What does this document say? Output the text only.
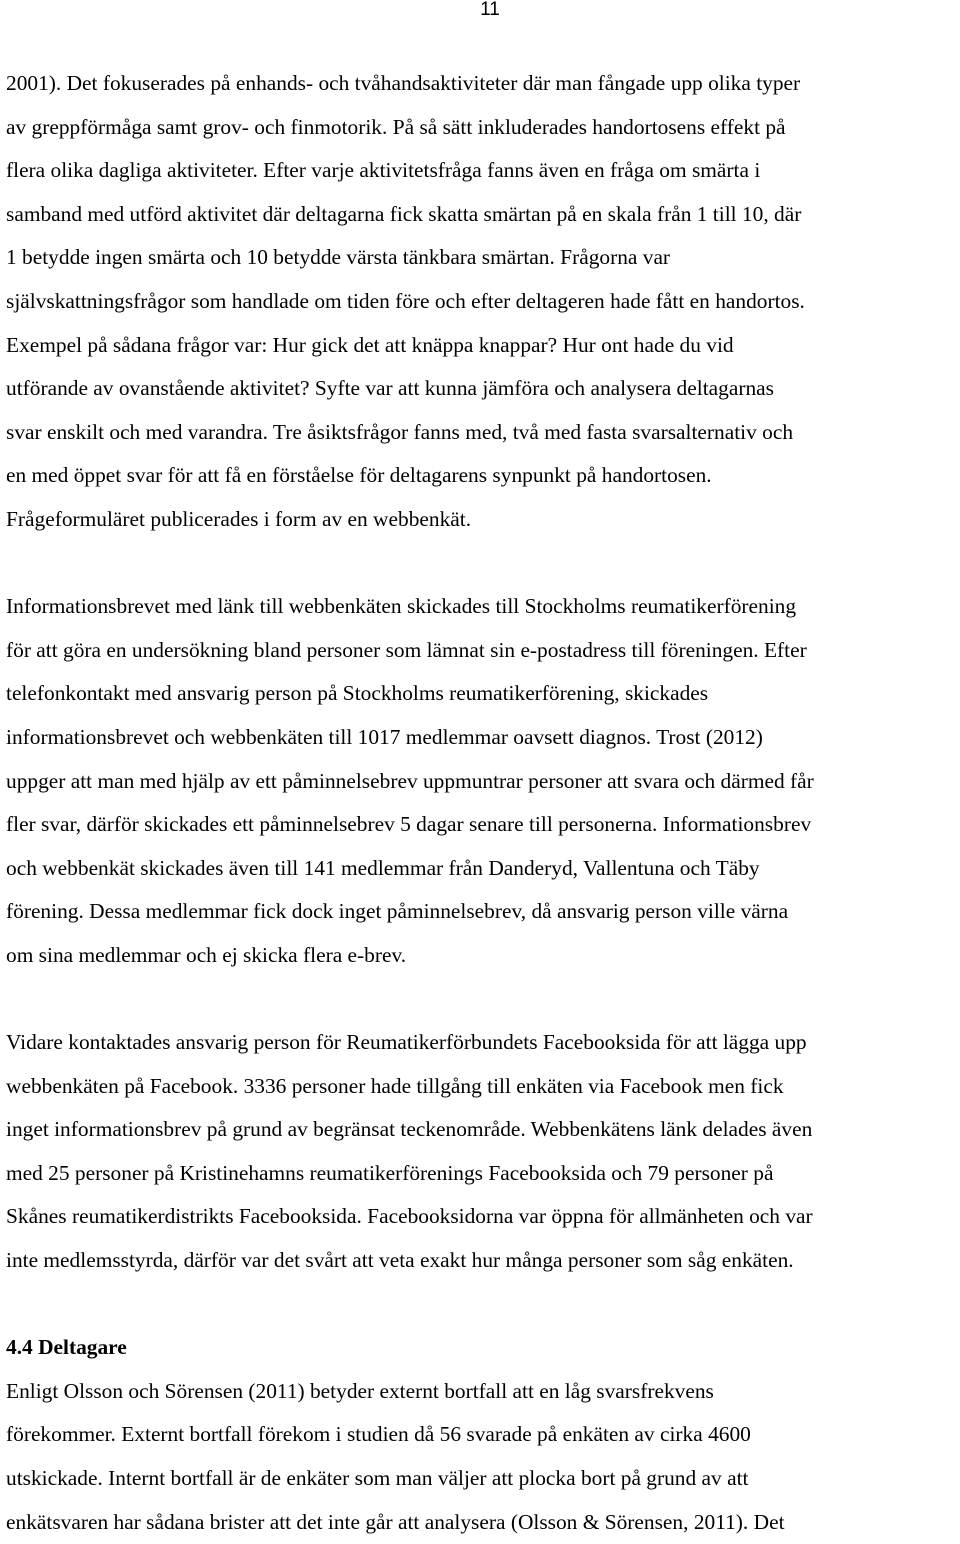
11

2001). Det fokuserades på enhands- och tvåhandsaktiviteter där man fångade upp olika typer
av greppförmåga samt grov- och finmotorik. På så sätt inkluderades handortosens effekt på
flera olika dagliga aktiviteter. Efter varje aktivitetsfråga fanns även en fråga om smärta i
samband med utförd aktivitet där deltagarna fick skatta smärtan på en skala från 1 till 10, där
1 betydde ingen smärta och 10 betydde värsta tänkbara smärtan. Frågorna var
självskattningsfrågor som handlade om tiden före och efter deltageren hade fått en handortos.
Exempel på sådana frågor var: Hur gick det att knäppa knappar? Hur ont hade du vid
utförande av ovanstående aktivitet? Syfte var att kunna jämföra och analysera deltagarnas
svar enskilt och med varandra. Tre åsiktsfrågor fanns med, två med fasta svarsalternativ och
en med öppet svar för att få en förståelse för deltagarens synpunkt på handortosen.
Frågeformuläret publicerades i form av en webbenkät.

Informationsbrevet med länk till webbenkäten skickades till Stockholms reumatikerförening
för att göra en undersökning bland personer som lämnat sin e-postadress till föreningen. Efter
telefonkontakt med ansvarig person på Stockholms reumatikerförening, skickades
informationsbrevet och webbenkäten till 1017 medlemmar oavsett diagnos. Trost (2012)
uppger att man med hjälp av ett påminnelsebrev uppmuntrar personer att svara och därmed får
fler svar, därför skickades ett påminnelsebrev 5 dagar senare till personerna. Informationsbrev
och webbenkät skickades även till 141 medlemmar från Danderyd, Vallentuna och Täby
förening. Dessa medlemmar fick dock inget påminnelsebrev, då ansvarig person ville värna
om sina medlemmar och ej skicka flera e-brev.

Vidare kontaktades ansvarig person för Reumatikerförbundets Facebooksida för att lägga upp
webbenkäten på Facebook. 3336 personer hade tillgång till enkäten via Facebook men fick
inget informationsbrev på grund av begränsat teckenområde. Webbenkätens länk delades även
med 25 personer på Kristinehamns reumatikerförenings Facebooksida och 79 personer på
Skånes reumatikerdistrikts Facebooksida. Facebooksidorna var öppna för allmänheten och var
inte medlemsstyrda, därför var det svårt att veta exakt hur många personer som såg enkäten.

4.4 Deltagare

Enligt Olsson och Sörensen (2011) betyder externt bortfall att en låg svarsfrekvens
förekommer. Externt bortfall förekom i studien då 56 svarade på enkäten av cirka 4600
utskickade. Internt bortfall är de enkäter som man väljer att plocka bort på grund av att
enkätsvaren har sådana brister att det inte går att analysera (Olsson & Sörensen, 2011). Det
